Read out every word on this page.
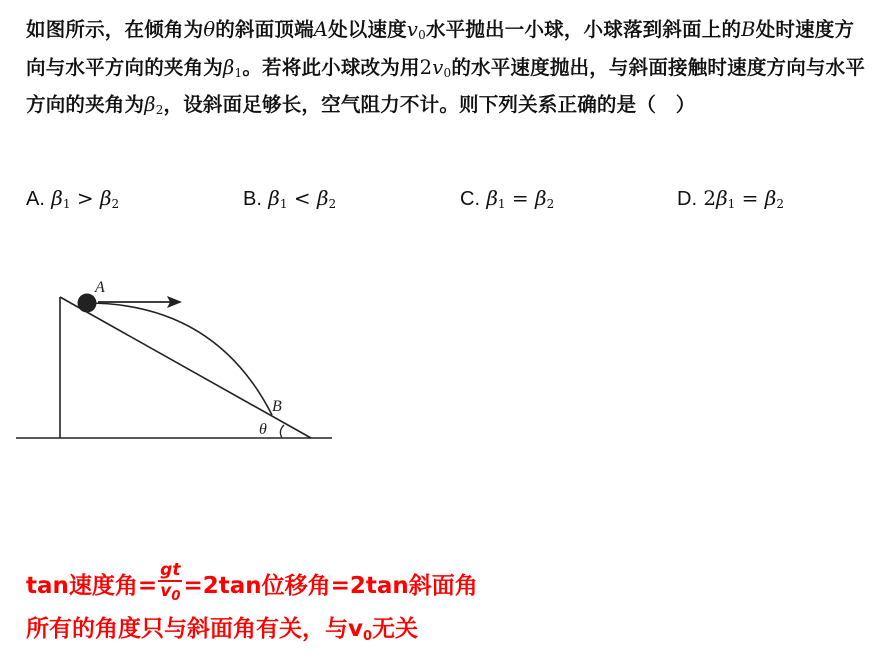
如图所示，在倾角为θ的斜面顶端A处以速度$v_0$水平抛出一小球，小球落到斜面上的B处时速度方向与水平方向的夹角为$\beta_1$。若将此小球改为用$2v_0$的水平速度抛出，与斜面接触时速度方向与水平方向的夹角为$\beta_2$，设斜面足够长，空气阻力不计。则下列关系正确的是（　）
A. $\beta_1 > \beta_2$	B. $\beta_1 < \beta_2$	C. $\beta_1 = \beta_2$	D. $2\beta_1 = \beta_2$
A
B
θ
tan速度角= $\frac{gt}{v_0} =2\tan$位移角=2tan斜面角
所有的角度只与斜面角有关，与$v_0$无关
